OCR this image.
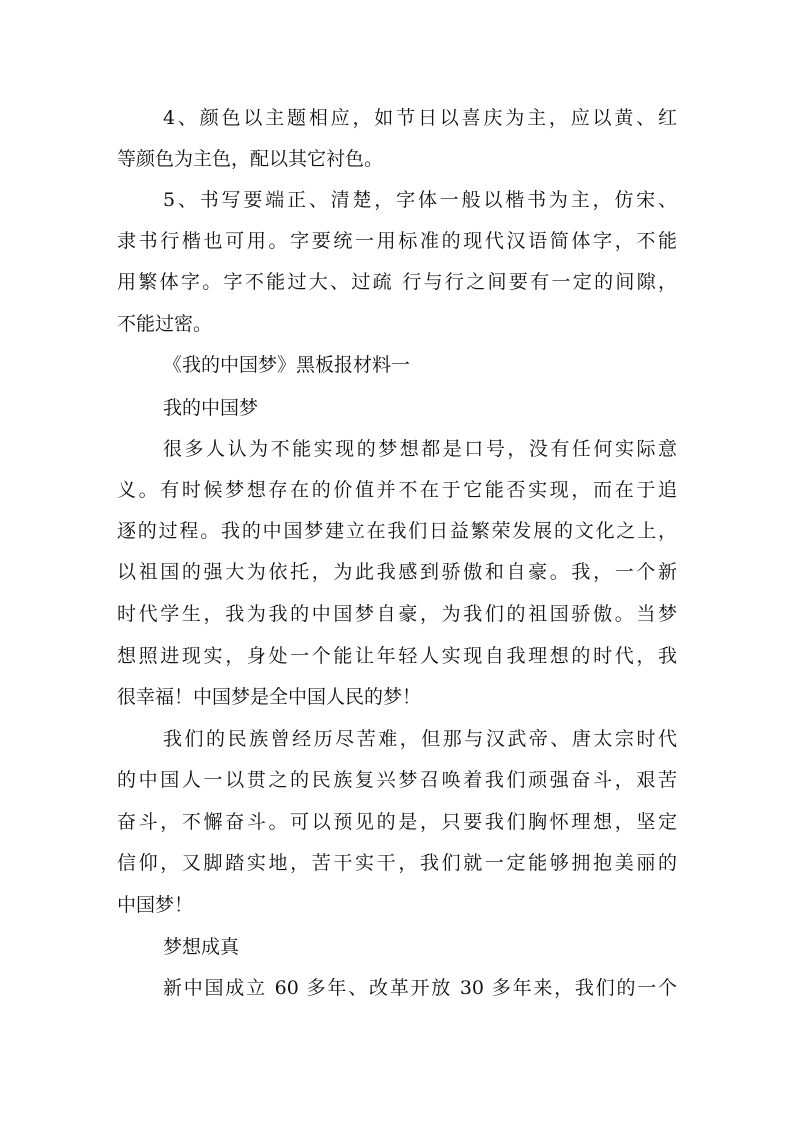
4、颜色以主题相应，如节日以喜庆为主，应以黄、红
等颜色为主色，配以其它衬色。
5、书写要端正、清楚，字体一般以楷书为主，仿宋、
隶书行楷也可用。字要统一用标准的现代汉语简体字，不能
用繁体字。字不能过大、过疏 行与行之间要有一定的间隙，
不能过密。
《我的中国梦》黑板报材料一
我的中国梦
很多人认为不能实现的梦想都是口号，没有任何实际意
义。有时候梦想存在的价值并不在于它能否实现，而在于追
逐的过程。我的中国梦建立在我们日益繁荣发展的文化之上，
以祖国的强大为依托，为此我感到骄傲和自豪。我，一个新
时代学生，我为我的中国梦自豪，为我们的祖国骄傲。当梦
想照进现实，身处一个能让年轻人实现自我理想的时代，我
很幸福！中国梦是全中国人民的梦！
我们的民族曾经历尽苦难，但那与汉武帝、唐太宗时代
的中国人一以贯之的民族复兴梦召唤着我们顽强奋斗，艰苦
奋斗，不懈奋斗。可以预见的是，只要我们胸怀理想，坚定
信仰，又脚踏实地，苦干实干，我们就一定能够拥抱美丽的
中国梦！
梦想成真
新中国成立 60 多年、改革开放 30 多年来，我们的一个
